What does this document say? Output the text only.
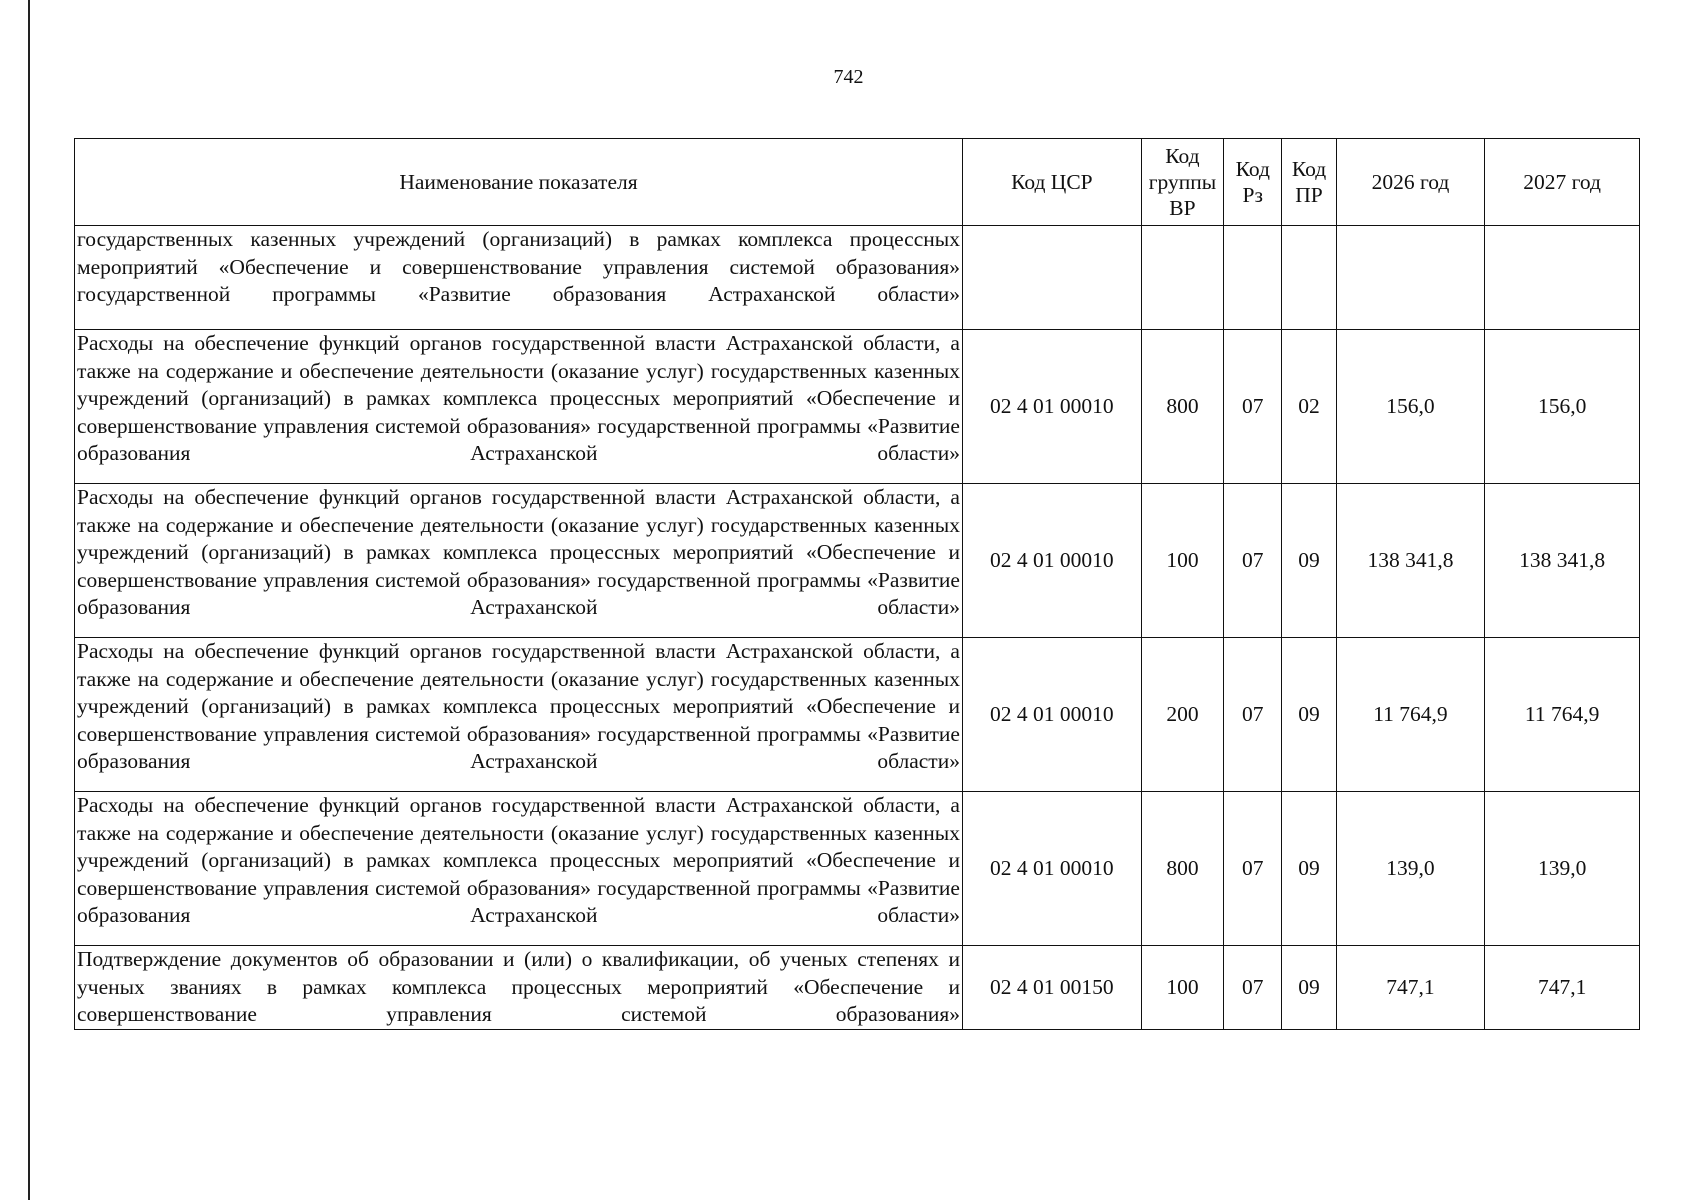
742
Наименование показателя	Код ЦСР	Код группы ВР	Код Рз	Код ПР	2026 год	2027 год

государственных казенных учреждений (организаций) в рамках комплекса процессных мероприятий «Обеспечение и совершенствование управления системой образования» государственной программы «Развитие образования Астраханской области»						

Расходы на обеспечение функций органов государственной власти Астраханской области, а также на содержание и обеспечение деятельности (оказание услуг) государственных казенных учреждений (организаций) в рамках комплекса процессных мероприятий «Обеспечение и совершенствование управления системой образования» государственной программы «Развитие образования Астраханской области»	02 4 01 00010	800	07	02	156,0	156,0

Расходы на обеспечение функций органов государственной власти Астраханской области, а также на содержание и обеспечение деятельности (оказание услуг) государственных казенных учреждений (организаций) в рамках комплекса процессных мероприятий «Обеспечение и совершенствование управления системой образования» государственной программы «Развитие образования Астраханской области»	02 4 01 00010	100	07	09	138 341,8	138 341,8

Расходы на обеспечение функций органов государственной власти Астраханской области, а также на содержание и обеспечение деятельности (оказание услуг) государственных казенных учреждений (организаций) в рамках комплекса процессных мероприятий «Обеспечение и совершенствование управления системой образования» государственной программы «Развитие образования Астраханской области»	02 4 01 00010	200	07	09	11 764,9	11 764,9

Расходы на обеспечение функций органов государственной власти Астраханской области, а также на содержание и обеспечение деятельности (оказание услуг) государственных казенных учреждений (организаций) в рамках комплекса процессных мероприятий «Обеспечение и совершенствование управления системой образования» государственной программы «Развитие образования Астраханской области»	02 4 01 00010	800	07	09	139,0	139,0

Подтверждение документов об образовании и (или) о квалификации, об ученых степенях и ученых званиях в рамках комплекса процессных мероприятий «Обеспечение и совершенствование управления системой образования»	02 4 01 00150	100	07	09	747,1	747,1
